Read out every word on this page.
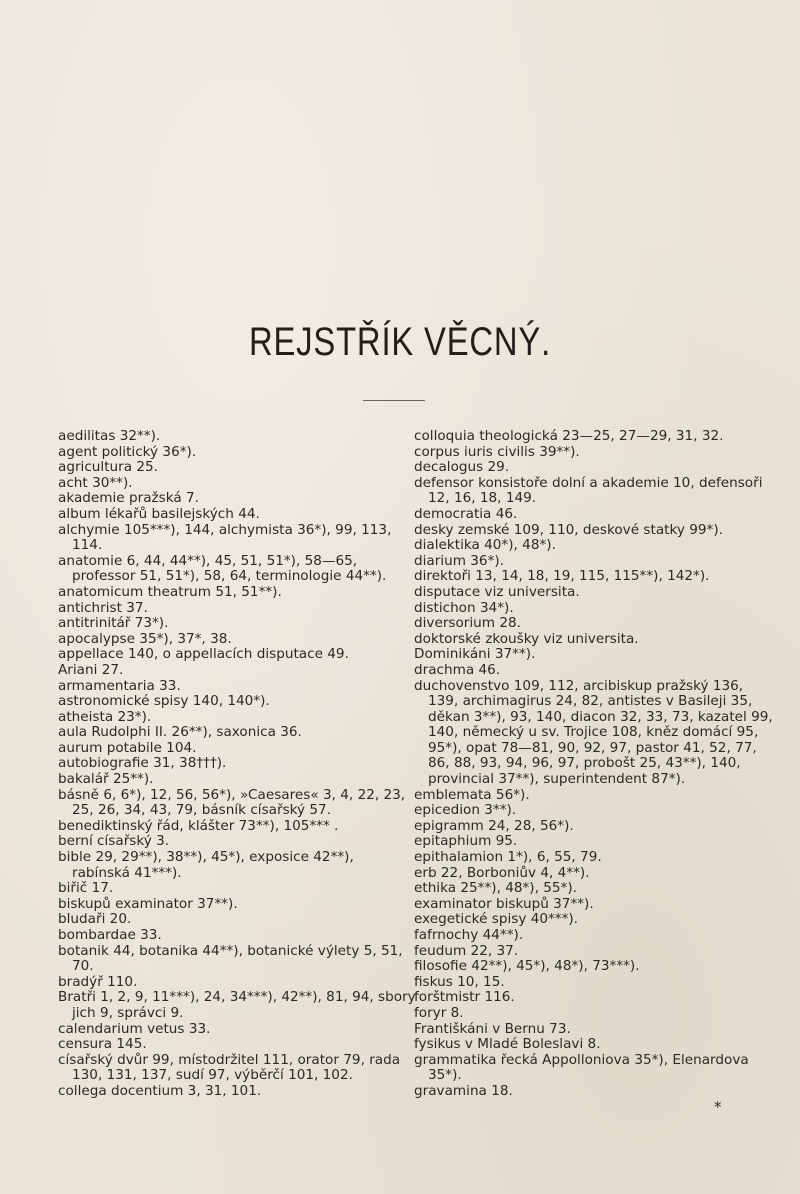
REJSTŘÍK VĚCNÝ.

aedilitas 32**).

agent politický 36*).

agricultura 25.

acht 30**).

akademie pražská 7.

album lékařů basilejských 44.

alchymie 105***), 144, alchymista 36*), 99, 113, 114.

anatomie 6, 44, 44**), 45, 51, 51*), 58—65, professor 51, 51*), 58, 64, terminologie 44**).

anatomicum theatrum 51, 51**).

antichrist 37.

antitrinitář 73*).

apocalypse 35*), 37*, 38.

appellace 140, o appellacích disputace 49.

Ariani 27.

armamentaria 33.

astronomické spisy 140, 140*).

atheista 23*).

aula Rudolphi II. 26**), saxonica 36.

aurum potabile 104.

autobiografie 31, 38†††).

bakalář 25**).

básně 6, 6*), 12, 56, 56*), »Caesares« 3, 4, 22, 23, 25, 26, 34, 43, 79, básník císařský 57.

benediktinský řád, klášter 73**), 105*** .

berní císařský 3.

bible 29, 29**), 38**), 45*), exposice 42**), rabínská 41***).

biřič 17.

biskupů examinator 37**).

bludaři 20.

bombardae 33.

botanik 44, botanika 44**), botanické výlety 5, 51, 70.

bradýř 110.

Bratři 1, 2, 9, 11***), 24, 34***), 42**), 81, 94, sbory jich 9, správci 9.

calendarium vetus 33.

censura 145.

císařský dvůr 99, místodržitel 111, orator 79, rada 130, 131, 137, sudí 97, výběrčí 101, 102.

collega docentium 3, 31, 101.

colloquia theologická 23—25, 27—29, 31, 32.

corpus iuris civilis 39**).

decalogus 29.

defensor konsistoře dolní a akademie 10, defensoři 12, 16, 18, 149.

democratia 46.

desky zemské 109, 110, deskové statky 99*).

dialektika 40*), 48*).

diarium 36*).

direktoři 13, 14, 18, 19, 115, 115**), 142*).

disputace viz universita.

distichon 34*).

diversorium 28.

doktorské zkoušky viz universita.

Dominikáni 37**).

drachma 46.

duchovenstvo 109, 112, arcibiskup pražský 136, 139, archimagirus 24, 82, antistes v Basileji 35, děkan 3**), 93, 140, diacon 32, 33, 73, kazatel 99, 140, německý u sv. Trojice 108, kněz domácí 95, 95*), opat 78—81, 90, 92, 97, pastor 41, 52, 77, 86, 88, 93, 94, 96, 97, probošt 25, 43**), 140, provincial 37**), superintendent 87*).

emblemata 56*).

epicedion 3**).

epigramm 24, 28, 56*).

epitaphium 95.

epithalamion 1*), 6, 55, 79.

erb 22, Borboniův 4, 4**).

ethika 25**), 48*), 55*).

examinator biskupů 37**).

exegetické spisy 40***).

fafrnochy 44**).

feudum 22, 37.

filosofie 42**), 45*), 48*), 73***).

fiskus 10, 15.

forštmistr 116.

foryr 8.

Františkáni v Bernu 73.

fysikus v Mladé Boleslavi 8.

grammatika řecká Appolloniova 35*), Elenardova 35*).

gravamina 18.

*
